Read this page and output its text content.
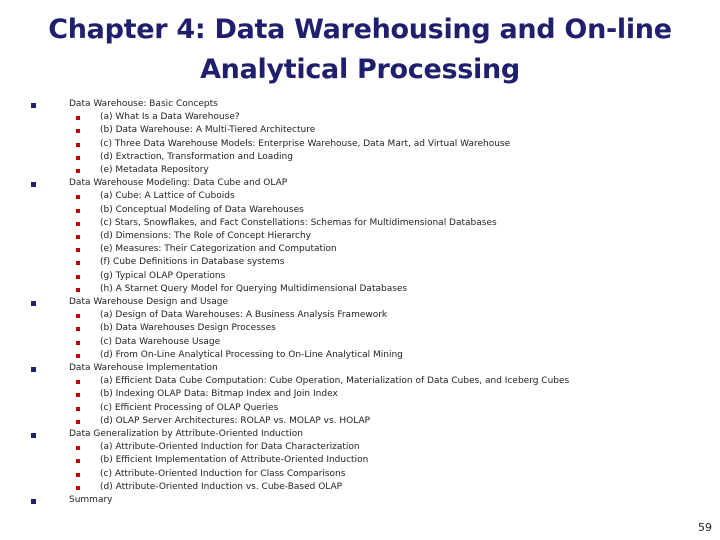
Chapter 4: Data Warehousing and On-line
Analytical Processing
Data Warehouse: Basic Concepts
(a) What Is a Data Warehouse?
(b) Data Warehouse: A Multi-Tiered Architecture
(c) Three Data Warehouse Models: Enterprise Warehouse, Data Mart, ad Virtual Warehouse
(d) Extraction, Transformation and Loading
(e) Metadata Repository
Data Warehouse Modeling: Data Cube and OLAP
(a) Cube: A Lattice of Cuboids
(b) Conceptual Modeling of Data Warehouses
(c) Stars, Snowflakes, and Fact Constellations: Schemas for Multidimensional Databases
(d) Dimensions: The Role of Concept Hierarchy
(e) Measures: Their Categorization and Computation
(f) Cube Definitions in Database systems
(g) Typical OLAP Operations
(h) A Starnet Query Model for Querying Multidimensional Databases
Data Warehouse Design and Usage
(a) Design of Data Warehouses: A Business Analysis Framework
(b) Data Warehouses Design Processes
(c) Data Warehouse Usage
(d) From On-Line Analytical Processing to On-Line Analytical Mining
Data Warehouse Implementation
(a) Efficient Data Cube Computation: Cube Operation, Materialization of Data Cubes, and Iceberg Cubes
(b) Indexing OLAP Data: Bitmap Index and Join Index
(c) Efficient Processing of OLAP Queries
(d) OLAP Server Architectures: ROLAP vs. MOLAP vs. HOLAP
Data Generalization by Attribute-Oriented Induction
(a) Attribute-Oriented Induction for Data Characterization
(b) Efficient Implementation of Attribute-Oriented Induction
(c) Attribute-Oriented Induction for Class Comparisons
(d) Attribute-Oriented Induction vs. Cube-Based OLAP
Summary
59
